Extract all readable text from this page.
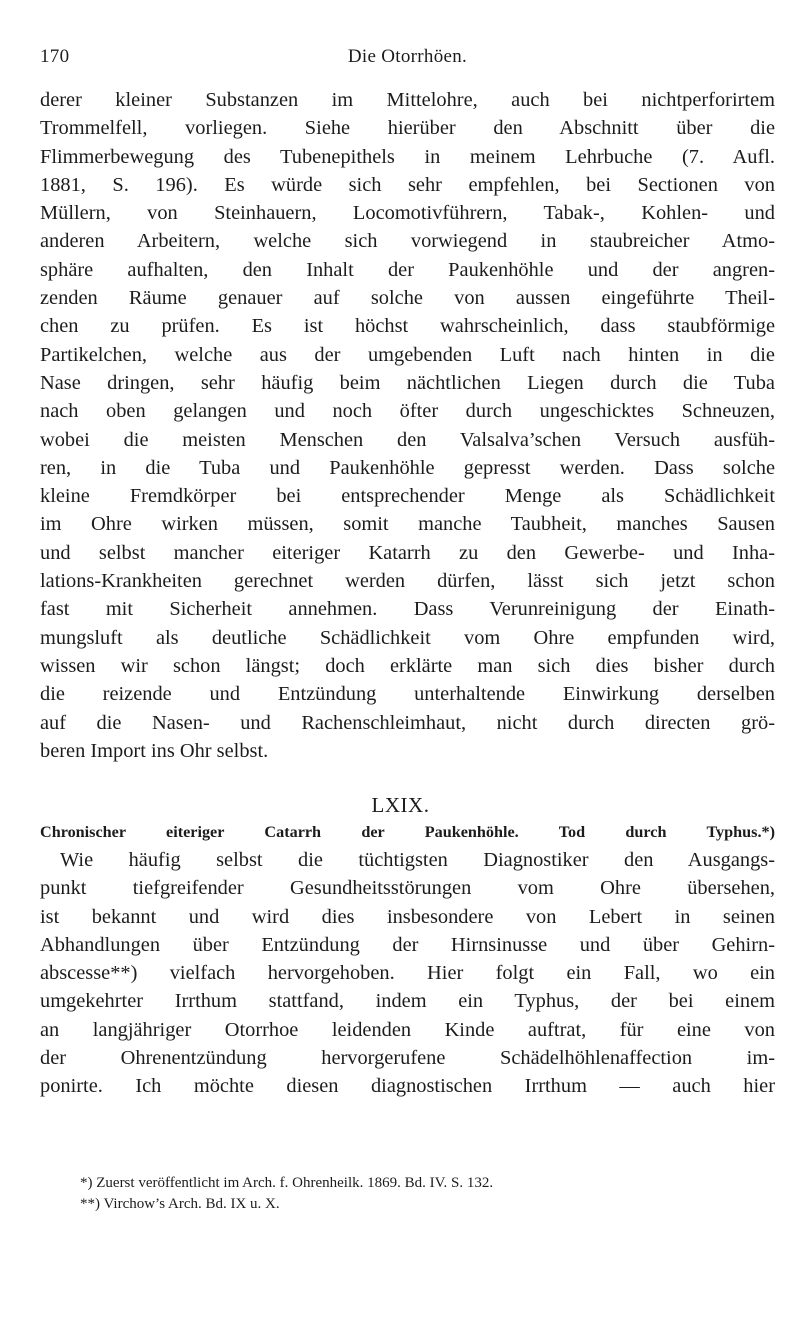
170	Die Otorrhöen.
derer kleiner Substanzen im Mittelohre, auch bei nichtperforirtem
Trommelfell, vorliegen. Siehe hierüber den Abschnitt über die
Flimmerbewegung des Tubenepithels in meinem Lehrbuche (7. Aufl.
1881, S. 196). Es würde sich sehr empfehlen, bei Sectionen von
Müllern, von Steinhauern, Locomotivführern, Tabak-, Kohlen- und
anderen Arbeitern, welche sich vorwiegend in staubreicher Atmo-
sphäre aufhalten, den Inhalt der Paukenhöhle und der angren-
zenden Räume genauer auf solche von aussen eingeführte Theil-
chen zu prüfen. Es ist höchst wahrscheinlich, dass staubförmige
Partikelchen, welche aus der umgebenden Luft nach hinten in die
Nase dringen, sehr häufig beim nächtlichen Liegen durch die Tuba
nach oben gelangen und noch öfter durch ungeschicktes Schneuzen,
wobei die meisten Menschen den Valsalva’schen Versuch ausfüh-
ren, in die Tuba und Paukenhöhle gepresst werden. Dass solche
kleine Fremdkörper bei entsprechender Menge als Schädlichkeit
im Ohre wirken müssen, somit manche Taubheit, manches Sausen
und selbst mancher eiteriger Katarrh zu den Gewerbe- und Inha-
lations-Krankheiten gerechnet werden dürfen, lässt sich jetzt schon
fast mit Sicherheit annehmen. Dass Verunreinigung der Einath-
mungsluft als deutliche Schädlichkeit vom Ohre empfunden wird,
wissen wir schon längst; doch erklärte man sich dies bisher durch
die reizende und Entzündung unterhaltende Einwirkung derselben
auf die Nasen- und Rachenschleimhaut, nicht durch directen grö-
beren Import ins Ohr selbst.
LXIX.
Chronischer eiteriger Catarrh der Paukenhöhle. Tod durch Typhus.*)
Wie häufig selbst die tüchtigsten Diagnostiker den Ausgangs-
punkt tiefgreifender Gesundheitsstörungen vom Ohre übersehen,
ist bekannt und wird dies insbesondere von Lebert in seinen
Abhandlungen über Entzündung der Hirnsinusse und über Gehirn-
abscesse**) vielfach hervorgehoben. Hier folgt ein Fall, wo ein
umgekehrter Irrthum stattfand, indem ein Typhus, der bei einem
an langjähriger Otorrhoe leidenden Kinde auftrat, für eine von
der Ohrenentzündung hervorgerufene Schädelhöhlenaffection im-
ponirte. Ich möchte diesen diagnostischen Irrthum — auch hier
*) Zuerst veröffentlicht im Arch. f. Ohrenheilk. 1869. Bd. IV. S. 132.
**) Virchow’s Arch. Bd. IX u. X.
